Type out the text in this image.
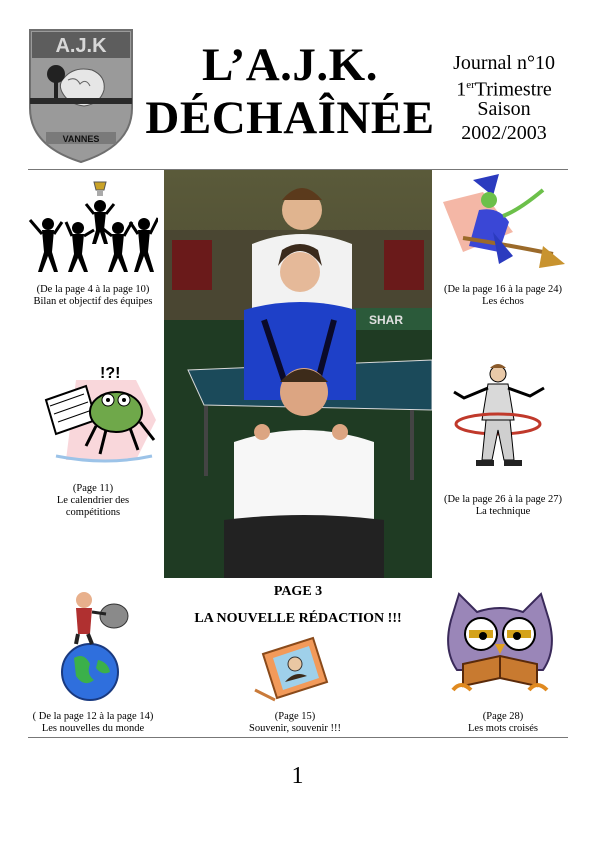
A.J.K
VANNES
L’A.J.K.
DÉCHAÎNÉE
Journal n°10
1erTrimestre
Saison
2002/2003
(De la page 4 à la page 10)
Bilan et objectif des équipes
(De la page 16 à la page 24)
Les échos
!?!
(Page 11)
Le calendrier des compétitions
(De la page 26 à la page 27)
La technique
SHAR
PAGE 3
LA NOUVELLE RÉDACTION !!!
( De la page 12 à la page 14)
Les nouvelles du monde
(Page 15)
Souvenir, souvenir !!!
(Page 28)
Les mots croisés
1
